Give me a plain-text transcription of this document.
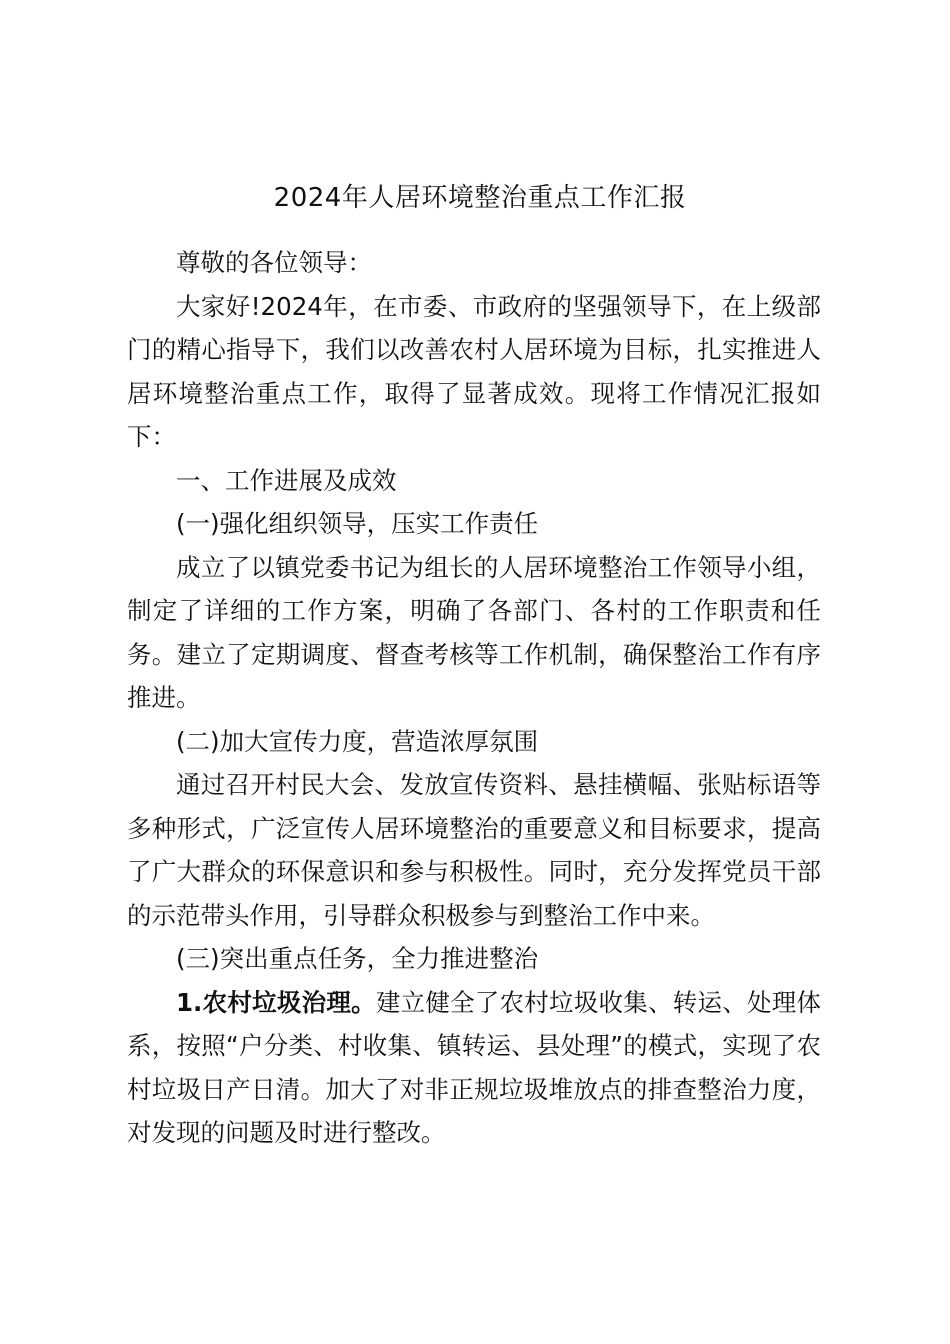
2024年人居环境整治重点工作汇报

尊敬的各位领导：

大家好!2024年，在市委、市政府的坚强领导下，在上级部门的精心指导下，我们以改善农村人居环境为目标，扎实推进人居环境整治重点工作，取得了显著成效。现将工作情况汇报如下：

一、工作进展及成效

(一)强化组织领导，压实工作责任

成立了以镇党委书记为组长的人居环境整治工作领导小组，制定了详细的工作方案，明确了各部门、各村的工作职责和任务。建立了定期调度、督查考核等工作机制，确保整治工作有序推进。

(二)加大宣传力度，营造浓厚氛围

通过召开村民大会、发放宣传资料、悬挂横幅、张贴标语等多种形式，广泛宣传人居环境整治的重要意义和目标要求，提高了广大群众的环保意识和参与积极性。同时，充分发挥党员干部的示范带头作用，引导群众积极参与到整治工作中来。

(三)突出重点任务，全力推进整治

1.农村垃圾治理。建立健全了农村垃圾收集、转运、处理体系，按照“户分类、村收集、镇转运、县处理”的模式，实现了农村垃圾日产日清。加大了对非正规垃圾堆放点的排查整治力度，对发现的问题及时进行整改。
